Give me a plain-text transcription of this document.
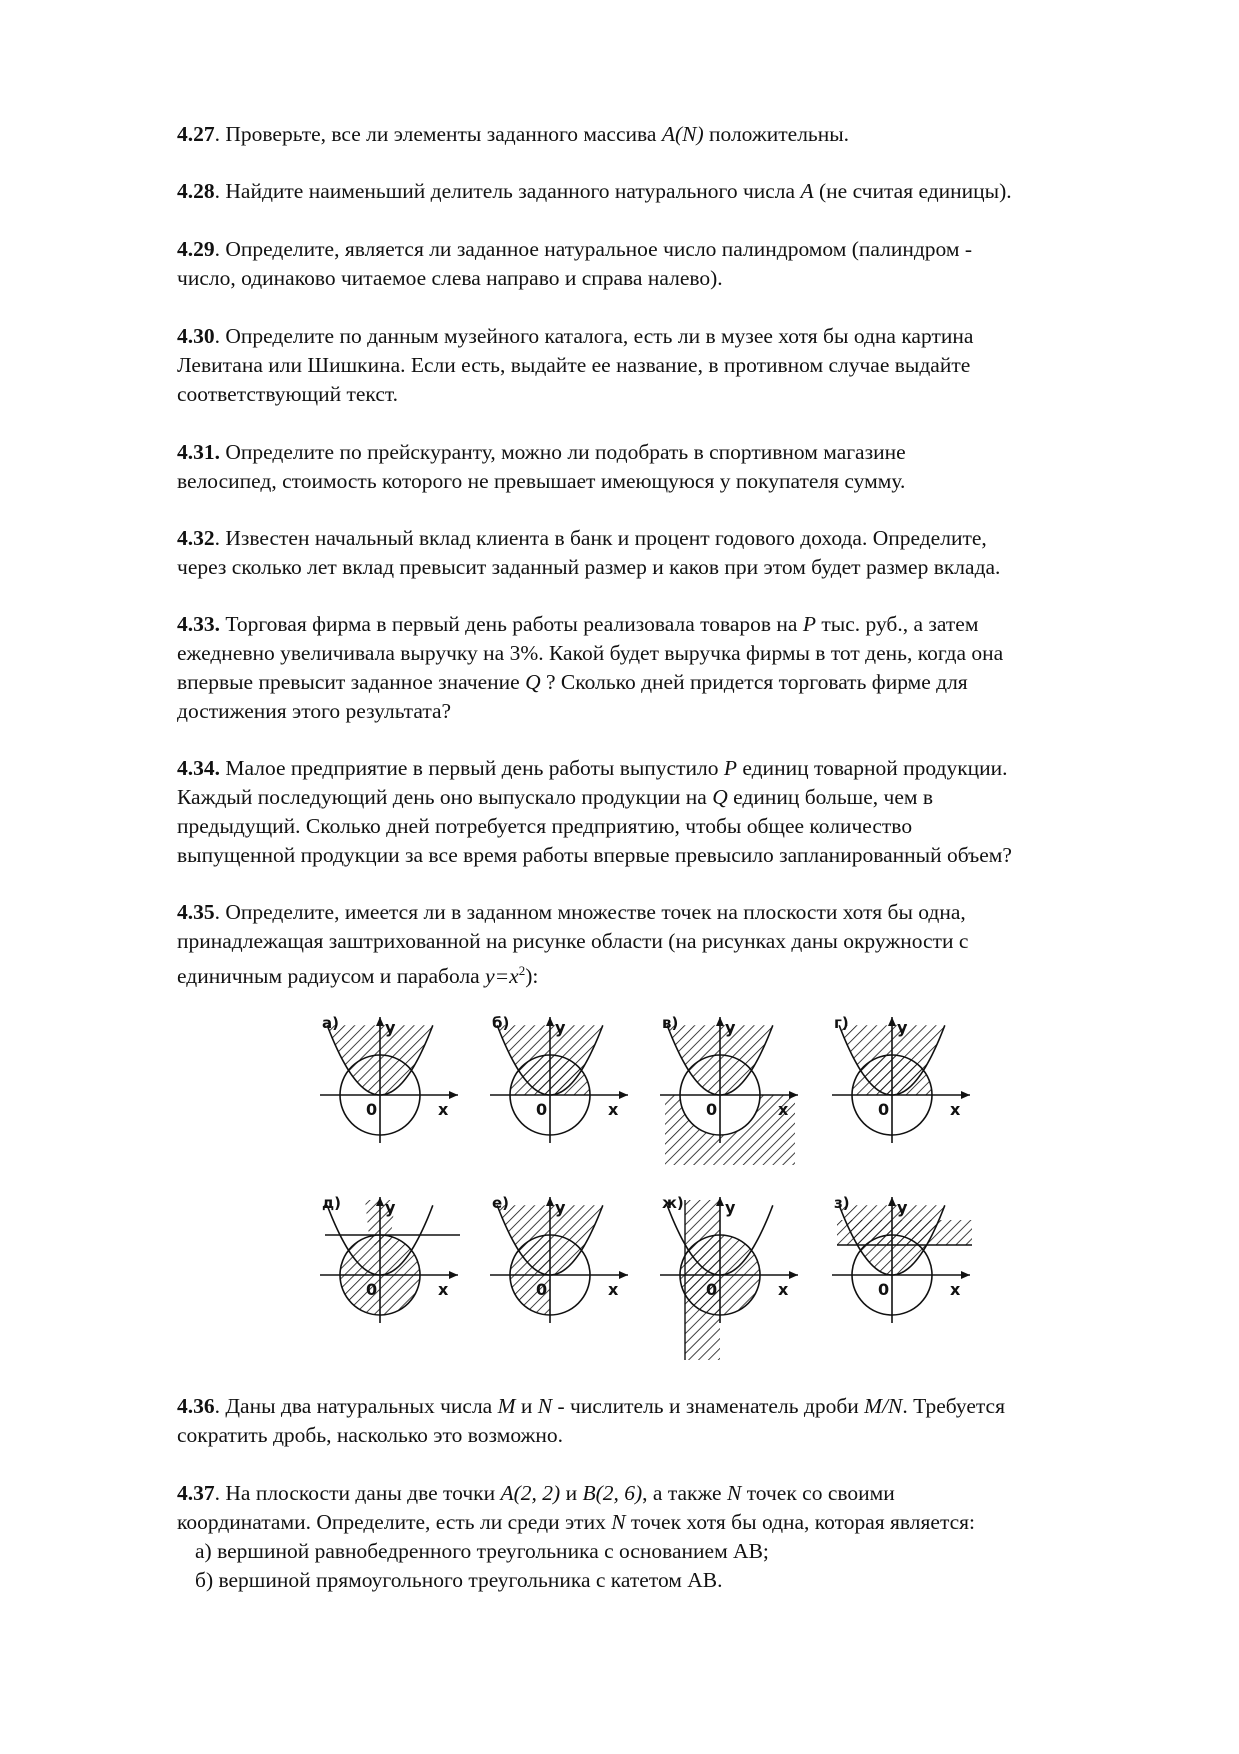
4.27. Проверьте, все ли элементы заданного массива A(N) положительны.

4.28. Найдите наименьший делитель заданного натурального числа A (не считая единицы).

4.29. Определите, является ли заданное натуральное число палиндромом (палиндром -
число, одинаково читаемое слева направо и справа налево).

4.30. Определите по данным музейного каталога, есть ли в музее хотя бы одна картина
Левитана или Шишкина. Если есть, выдайте ее название, в противном случае выдайте
соответствующий текст.

4.31. Определите по прейскуранту, можно ли подобрать в спортивном магазине
велосипед, стоимость которого не превышает имеющуюся у покупателя сумму.

4.32. Известен начальный вклад клиента в банк и процент годового дохода. Определите,
через сколько лет вклад превысит заданный размер и каков при этом будет размер вклада.

4.33. Торговая фирма в первый день работы реализовала товаров на P тыс. руб., а затем
ежедневно увеличивала выручку на 3%. Какой будет выручка фирмы в тот день, когда она
впервые превысит заданное значение Q ? Сколько дней придется торговать фирме для
достижения этого результата?

4.34. Малое предприятие в первый день работы выпустило P единиц товарной продукции.
Каждый последующий день оно выпускало продукции на Q единиц больше, чем в
предыдущий. Сколько дней потребуется предприятию, чтобы общее количество
выпущенной продукции за все время работы впервые превысило запланированный объем?

4.35. Определите, имеется ли в заданном множестве точек на плоскости хотя бы одна,
принадлежащая заштрихованной на рисунке области (на рисунках даны окружности с
единичным радиусом и парабола $y=x^2$):

а)	y
x
0
б)	y
x
0
в)	y
x
0
г)	y
x
0
д)	y
x
0
е)	y
x
0
ж)	y
x
0
з)	y
x
0

4.36. Даны два натуральных числа M и N - числитель и знаменатель дроби M/N. Требуется
сократить дробь, насколько это возможно.

4.37. На плоскости даны две точки A(2, 2) и B(2, 6), а также N точек со своими
координатами. Определите, есть ли среди этих N точек хотя бы одна, которая является:
а) вершиной равнобедренного треугольника с основанием АВ;
б) вершиной прямоугольного треугольника с катетом АВ.
